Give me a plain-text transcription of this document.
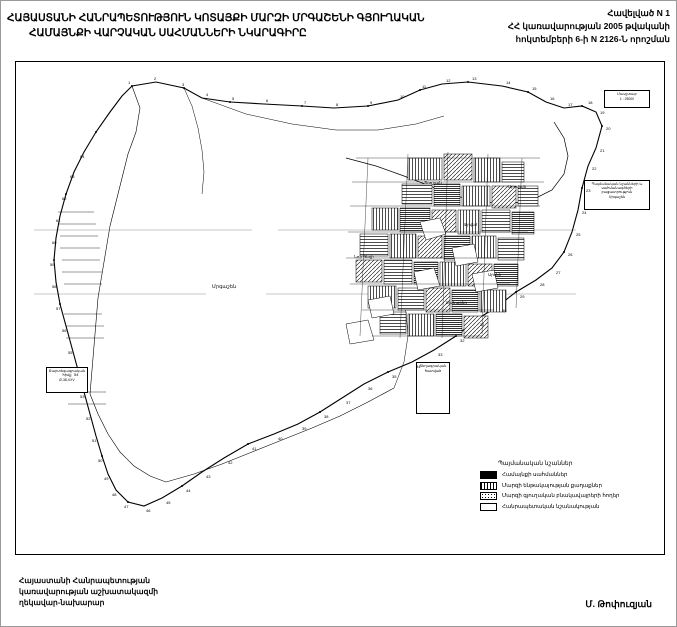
ՀԱՅԱՍՏԱՆԻ ՀԱՆՐԱՊԵՏՈՒԹՅՈՒՆ ԿՈՏԱՅՔԻ ՄԱՐԶԻ ՄՐԳԱՇԵՆԻ ԳՅՈՒՂԱԿԱՆ
ՀԱՄԱՅՆՔԻ ՎԱՐՉԱԿԱՆ ՍԱՀՄԱՆՆԵՐԻ ՆԿԱՐԱԳԻՐԸ
Հավելված N 1
ՀՀ կառավարության 2005 թվականի
հոկտեմբերի 6-ի N 2126-Ն որոշման
Մասշտաբ
1 : 25000
Պայմանական նշանների և սահմանագծերի բացատրություն
Մրգաշեն
Քարտեզագրական հիմք
Ք-38-XXV
Տեղագրական
հատված
Մրգաշեն
Պռոշյան
Ջրվեժ
Նոր Գեղի
Արզնի
Քանաքեռ
Աբովյան
1
2
3
4
5	6	7	8	9
10
11
12	13
14
15
16
17	18
19
20
21
22
23
24
25
26
27
28
29
30
31
32
33
34
35
36
37
38
39
40
41
42
43
44
45
46
47
48
49
50
51
52
53
54
55
56
57
58
59
60
61
62
63
64
Պայմանական նշաններ
Համայնքի սահմաններ
Մարզի ենթակայության քաղաքներ
Մարզի գյուղական բնակավայրերի հողեր
Հանրապետական նշանակության
Հայաստանի Հանրապետության
կառավարության աշխատակազմի
ղեկավար-նախարար	Մ. Թոփուզյան
